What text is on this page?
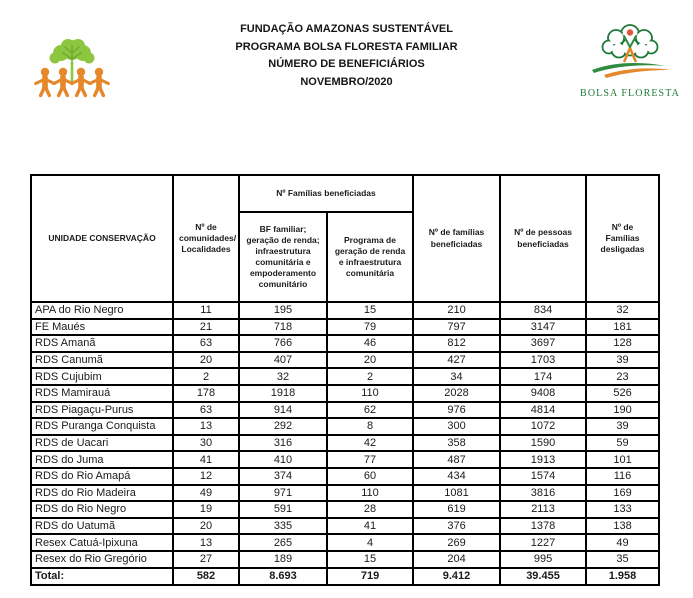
FUNDAÇÃO AMAZONAS SUSTENTÁVEL
PROGRAMA BOLSA FLORESTA FAMILIAR
NÚMERO DE BENEFICIÁRIOS
NOVEMBRO/2020
BOLSA FLORESTA
UNIDADE CONSERVAÇÃO	Nº de comunidades/ Localidades	Nº Famílias beneficiadas		Nº de famílias beneficiadas	Nº de pessoas beneficiadas	Nº de Famílias desligadas
		BF familiar; geração de renda; infraestrutura comunitária e empoderamento comunitário	Programa de geração de renda e infraestrutura comunitária			
APA do Rio Negro	11	195	15	210	834	32
FE Maués	21	718	79	797	3147	181
RDS Amanã	63	766	46	812	3697	128
RDS Canumã	20	407	20	427	1703	39
RDS Cujubim	2	32	2	34	174	23
RDS Mamirauá	178	1918	110	2028	9408	526
RDS Piagaçu-Purus	63	914	62	976	4814	190
RDS Puranga Conquista	13	292	8	300	1072	39
RDS de Uacari	30	316	42	358	1590	59
RDS do Juma	41	410	77	487	1913	101
RDS do Rio Amapá	12	374	60	434	1574	116
RDS do Rio Madeira	49	971	110	1081	3816	169
RDS do Rio Negro	19	591	28	619	2113	133
RDS do Uatumã	20	335	41	376	1378	138
Resex Catuá-Ipixuna	13	265	4	269	1227	49
Resex do Rio Gregório	27	189	15	204	995	35
Total:	582	8.693	719	9.412	39.455	1.958
